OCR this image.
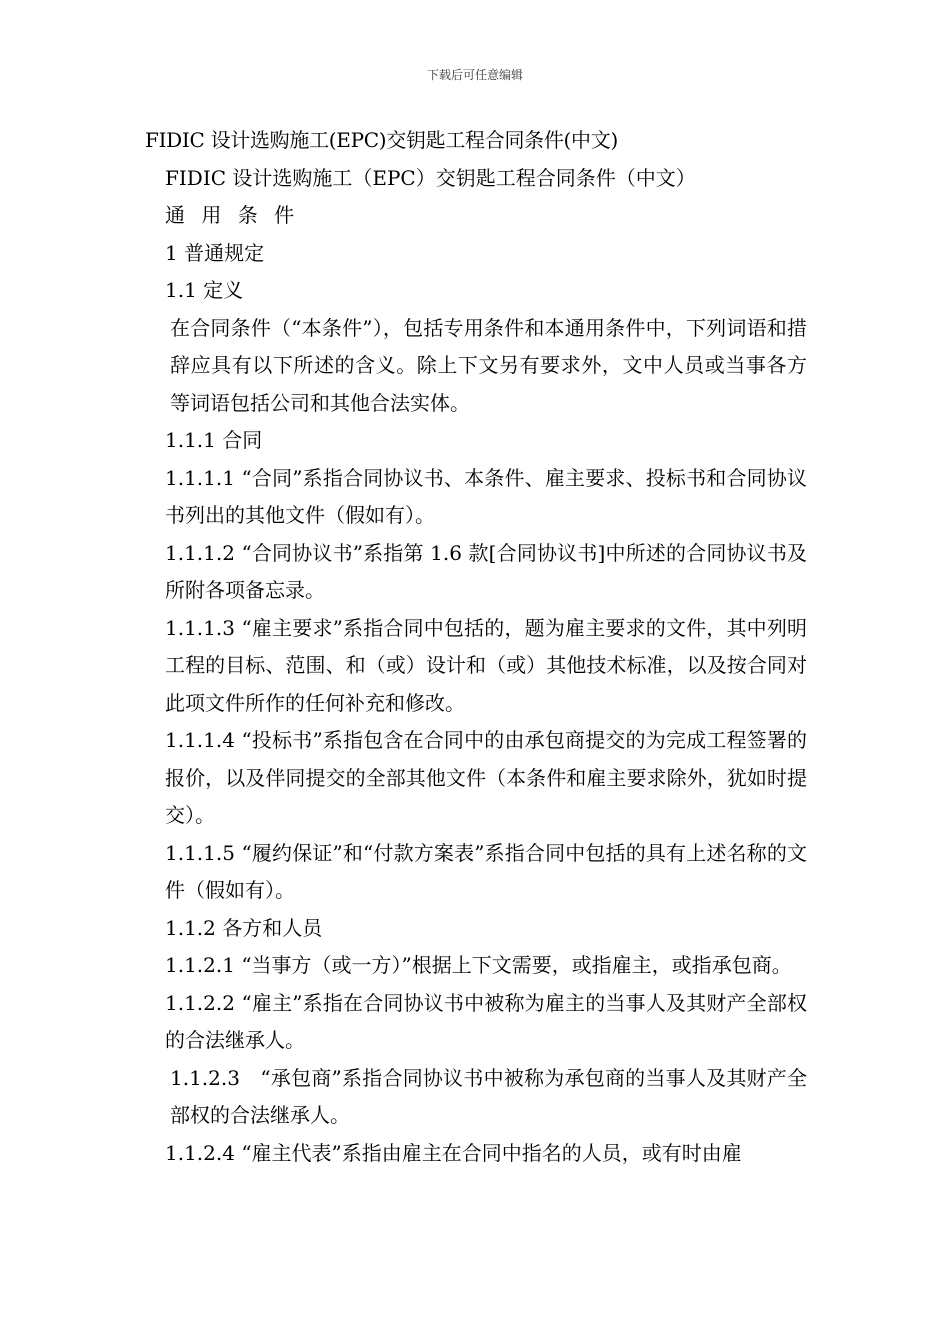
下载后可任意编辑

FIDIC 设计选购施工(EPC)交钥匙工程合同条件(中文)

FIDIC 设计选购施工（EPC）交钥匙工程合同条件（中文）

通 用 条 件

1 普通规定

1.1 定义

在合同条件（“本条件”），包括专用条件和本通用条件中，下列词语和措辞应具有以下所述的含义。除上下文另有要求外，文中人员或当事各方等词语包括公司和其他合法实体。

1.1.1 合同

1.1.1.1 “合同”系指合同协议书、本条件、雇主要求、投标书和合同协议书列出的其他文件（假如有）。

1.1.1.2 “合同协议书”系指第 1.6 款[合同协议书]中所述的合同协议书及所附各项备忘录。

1.1.1.3 “雇主要求”系指合同中包括的，题为雇主要求的文件，其中列明工程的目标、范围、和（或）设计和（或）其他技术标准，以及按合同对此项文件所作的任何补充和修改。

1.1.1.4 “投标书”系指包含在合同中的由承包商提交的为完成工程签署的报价，以及伴同提交的全部其他文件（本条件和雇主要求除外，犹如时提交）。

1.1.1.5 “履约保证”和“付款方案表”系指合同中包括的具有上述名称的文件（假如有）。

1.1.2 各方和人员

1.1.2.1 “当事方（或一方）”根据上下文需要，或指雇主，或指承包商。

1.1.2.2 “雇主”系指在合同协议书中被称为雇主的当事人及其财产全部权的合法继承人。

1.1.2.3　“承包商”系指合同协议书中被称为承包商的当事人及其财产全部权的合法继承人。

1.1.2.4 “雇主代表”系指由雇主在合同中指名的人员，或有时由雇
